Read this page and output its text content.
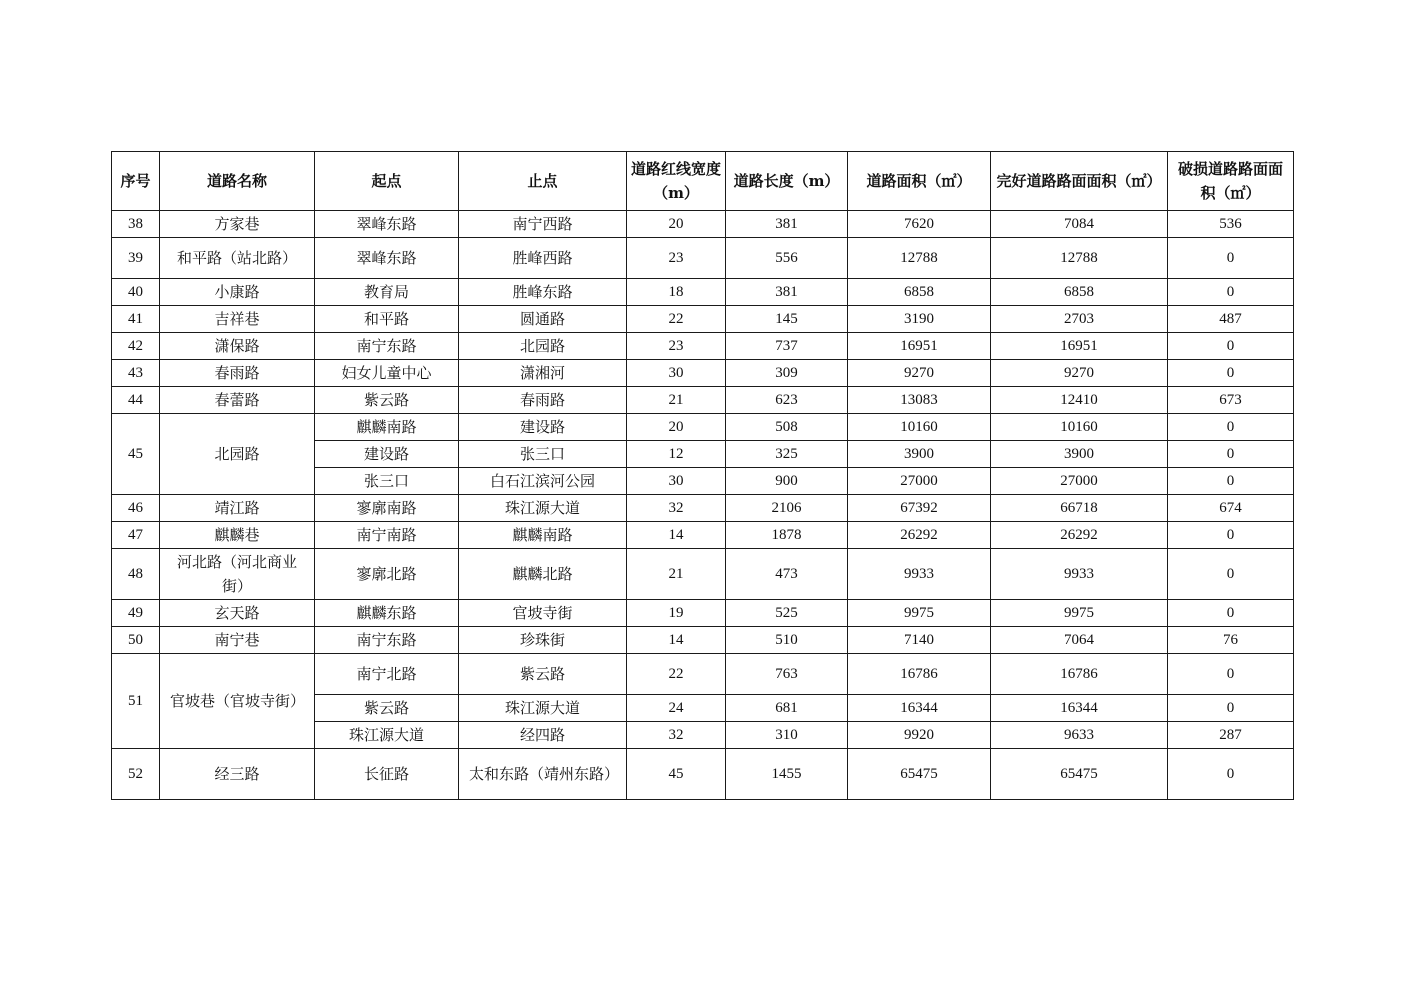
序号	道路名称	起点	止点	道路红线宽度（m）	道路长度（m）	道路面积（㎡）	完好道路路面面积（㎡）	破损道路路面面积（㎡）
38	方家巷	翠峰东路	南宁西路	20	381	7620	7084	536
39	和平路（站北路）	翠峰东路	胜峰西路	23	556	12788	12788	0
40	小康路	教育局	胜峰东路	18	381	6858	6858	0
41	吉祥巷	和平路	圆通路	22	145	3190	2703	487
42	潇保路	南宁东路	北园路	23	737	16951	16951	0
43	春雨路	妇女儿童中心	潇湘河	30	309	9270	9270	0
44	春蕾路	紫云路	春雨路	21	623	13083	12410	673
45	北园路	麒麟南路	建设路	20	508	10160	10160	0
		建设路	张三口	12	325	3900	3900	0
		张三口	白石江滨河公园	30	900	27000	27000	0
46	靖江路	寥廓南路	珠江源大道	32	2106	67392	66718	674
47	麒麟巷	南宁南路	麒麟南路	14	1878	26292	26292	0
48	河北路（河北商业街）	寥廓北路	麒麟北路	21	473	9933	9933	0
49	玄天路	麒麟东路	官坡寺街	19	525	9975	9975	0
50	南宁巷	南宁东路	珍珠街	14	510	7140	7064	76
51	官坡巷（官坡寺街）	南宁北路	紫云路	22	763	16786	16786	0
		紫云路	珠江源大道	24	681	16344	16344	0
		珠江源大道	经四路	32	310	9920	9633	287
52	经三路	长征路	太和东路（靖州东路）	45	1455	65475	65475	0
